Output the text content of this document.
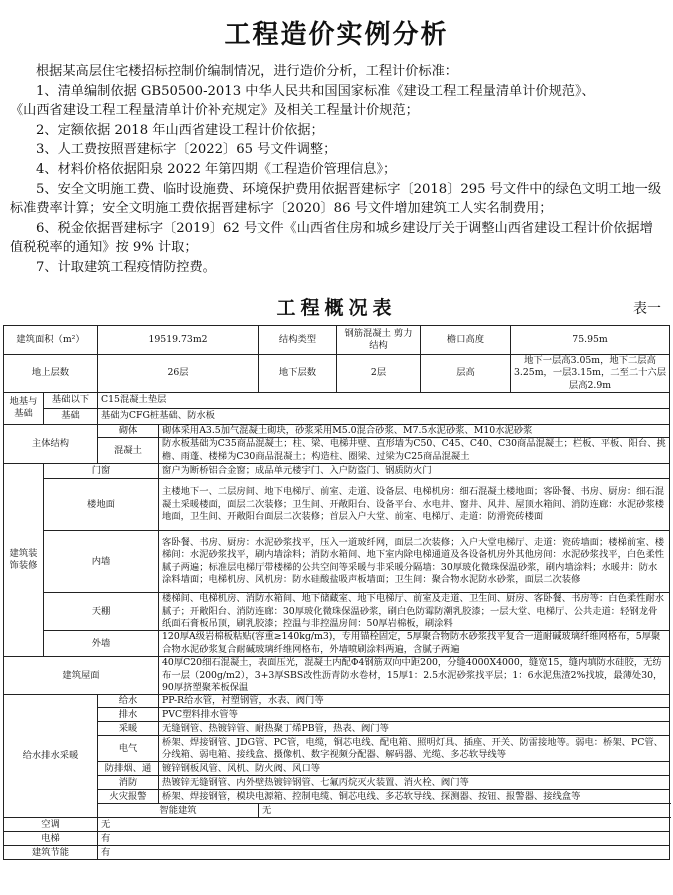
工程造价实例分析

根据某高层住宅楼招标控制价编制情况，进行造价分析，工程计价标准：

1、清单编制依据 GB50500-2013 中华人民共和国国家标准《建设工程工程量清单计价规范》、

《山西省建设工程工程量清单计价补充规定》及相关工程量计价规范；

2、定额依据 2018 年山西省建设工程计价依据；

3、人工费按照晋建标字〔2022〕65 号文件调整；

4、材料价格依据阳泉 2022 年第四期《工程造价管理信息》；

5、安全文明施工费、临时设施费、环境保护费用依据晋建标字〔2018〕295 号文件中的绿色文明工地一级标准费率计算；安全文明施工费依据晋建标字〔2020〕86 号文件增加建筑工人实名制费用；

6、税金依据晋建标字〔2019〕62 号文件《山西省住房和城乡建设厅关于调整山西省建设工程计价依据增值税税率的通知》按 9% 计取；

7、计取建筑工程疫情防控费。

工程概况表	表一
建筑面积（m²）		19519.73m2		结构类型	钢筋混凝土 剪力结构	檐口高度	75.95m
地上层数		26层		地下层数	2层	层高	地下一层高3.05m，地下二层高3.25m，一层3.15m，二至二十六层层高2.9m
地基与基础	基础以下	C15混凝土垫层					
	基础	基础为CFG桩基础、防水板					
主体结构		砌体	砌体采用A3.5加气混凝土砌块，砂浆采用M5.0混合砂浆、M7.5水泥砂浆、M10水泥砂浆				
		混凝土	防水板基础为C35商品混凝土；柱、梁、电梯井壁、直形墙为C50、C45、C40、C30商品混凝土；栏板、平板、阳台、挑檐、雨蓬、楼梯为C30商品混凝土；构造柱、圈梁、过梁为C25商品混凝土				
建筑装饰装修	门窗		窗户为断桥铝合金窗；成品单元楼宇门、入户防盗门、钢质防火门				
	楼地面		主楼地下一、二层房间、地下电梯厅、前室、走道、设备层、电梯机房：细石混凝土楼地面；客卧餐、书房、厨房：细石混凝土采暖楼面，面层二次装修；卫生间、开敞阳台、设备平台、水电井、窗井、风井、屋顶水箱间、消防连廊：水泥砂浆楼地面，卫生间、开敞阳台面层二次装修；首层入户大堂、前室、电梯厅、走道：防滑瓷砖楼面				
	内墙		客卧餐、书房、厨房：水泥砂浆找平，压入一道玻纤网，面层二次装修；入户大堂电梯厅、走道：瓷砖墙面；楼梯前室、楼梯间：水泥砂浆找平，刷内墙涂料；消防水箱间、地下室内除电梯通道及各设备机房外其他房间：水泥砂浆找平，白色柔性腻子两遍；标准层电梯厅带楼梯的公共空间等采暖与非采暖分隔墙：30厚玻化微珠保温砂浆，刷内墙涂料；水暖井：防水涂料墙面；电梯机房、风机房：防水硅酸盐吸声板墙面；卫生间：聚合物水泥防水砂浆，面层二次装修				
	天棚		楼梯间、电梯机房、消防水箱间、地下储藏室、地下电梯厅、前室及走道、卫生间、厨房、客卧餐、书房等：白色柔性耐水腻子；开敞阳台、消防连廊：30厚玻化微珠保温砂浆，刷白色防霉防潮乳胶漆；一层大堂、电梯厅、公共走道：轻钢龙骨纸面石膏板吊顶，刷乳胶漆；控温与非控温房间：50厚岩棉板，刷涂料				
	外墙		120厚A级岩棉板粘贴(容重≥140kg/m3)，专用锚栓固定，5厚聚合物防水砂浆找平复合一道耐碱玻璃纤维网格布，5厚聚合物水泥砂浆复合耐碱玻璃纤维网格布，外墙喷刷涂料两遍，含腻子两遍				
建筑屋面			40厚C20细石混凝土，表面压光，混凝土内配Φ4钢筋双向中距200，分缝4000X4000，缝宽15，缝内填防水硅胶，无纺布一层（200g/m2），3+3厚SBS改性沥青防水卷材，15厚1：2.5水泥砂浆找平层；1：6水泥焦渣2%找坡，最薄处30，90厚挤塑聚苯板保温				
给水排水采暖		给水	PP-R给水管，衬塑钢管，水表、阀门等				
		排水	PVC塑料排水管等				
		采暖	无缝钢管、热镀锌管、耐热聚丁烯PB管，热表、阀门等				
		电气	桥架、焊接钢管、JDG管、PC管，电缆，铜芯电线、配电箱、照明灯具、插座、开关、防雷接地等。弱电：桥架、PC管、分线箱、弱电箱、接线盒、摄像机、数字视频分配器、解码器、光缆、多芯软导线等				
		防排烟、通	镀锌钢板风管、风机、防火阀、风口等				
		消防	热镀锌无缝钢管、内外壁热镀锌钢管、七氟丙烷灭火装置、消火栓、阀门等				
		火灾报警	桥架、焊接钢管，模块电源箱、控制电缆、铜芯电线、多芯软导线、探测器、按钮、报警器、接线盒等				
		智能建筑		无			
空调		无					
电梯		有					
建筑节能		有					
